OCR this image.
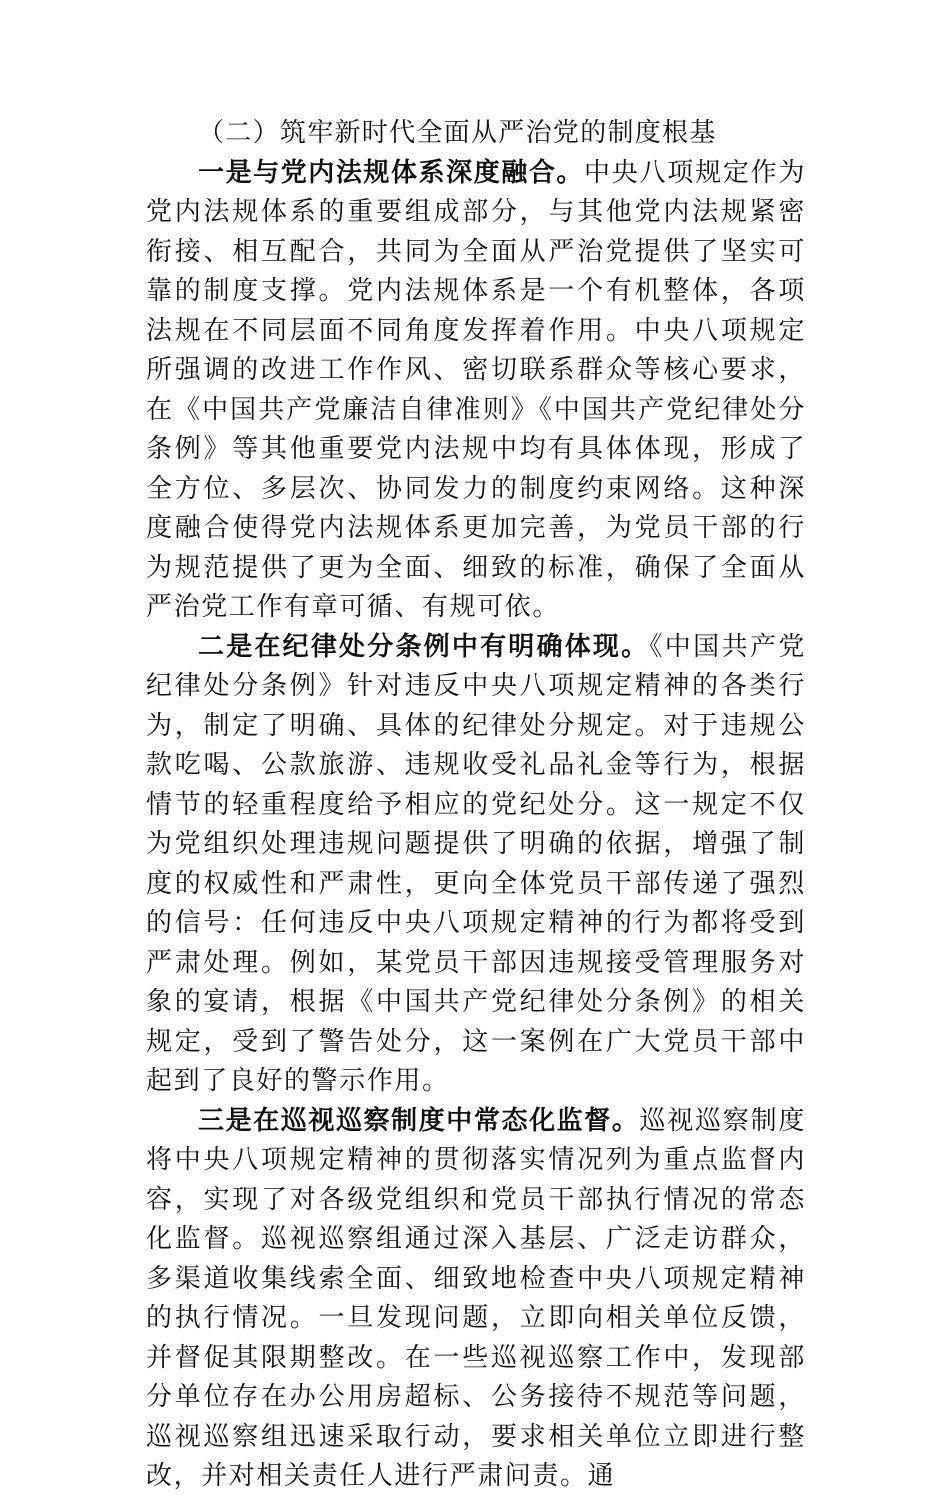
（二）筑牢新时代全面从严治党的制度根基

一是与党内法规体系深度融合。中央八项规定作为党内法规体系的重要组成部分，与其他党内法规紧密衔接、相互配合，共同为全面从严治党提供了坚实可靠的制度支撑。党内法规体系是一个有机整体，各项法规在不同层面不同角度发挥着作用。中央八项规定所强调的改进工作作风、密切联系群众等核心要求，在《中国共产党廉洁自律准则》《中国共产党纪律处分条例》等其他重要党内法规中均有具体体现，形成了全方位、多层次、协同发力的制度约束网络。这种深度融合使得党内法规体系更加完善，为党员干部的行为规范提供了更为全面、细致的标准，确保了全面从严治党工作有章可循、有规可依。

二是在纪律处分条例中有明确体现。《中国共产党纪律处分条例》针对违反中央八项规定精神的各类行为，制定了明确、具体的纪律处分规定。对于违规公款吃喝、公款旅游、违规收受礼品礼金等行为，根据情节的轻重程度给予相应的党纪处分。这一规定不仅为党组织处理违规问题提供了明确的依据，增强了制度的权威性和严肃性，更向全体党员干部传递了强烈的信号：任何违反中央八项规定精神的行为都将受到严肃处理。例如，某党员干部因违规接受管理服务对象的宴请，根据《中国共产党纪律处分条例》的相关规定，受到了警告处分，这一案例在广大党员干部中起到了良好的警示作用。

三是在巡视巡察制度中常态化监督。巡视巡察制度将中央八项规定精神的贯彻落实情况列为重点监督内容，实现了对各级党组织和党员干部执行情况的常态化监督。巡视巡察组通过深入基层、广泛走访群众，多渠道收集线索全面、细致地检查中央八项规定精神的执行情况。一旦发现问题，立即向相关单位反馈，并督促其限期整改。在一些巡视巡察工作中，发现部分单位存在办公用房超标、公务接待不规范等问题，巡视巡察组迅速采取行动，要求相关单位立即进行整改，并对相关责任人进行严肃问责。通
